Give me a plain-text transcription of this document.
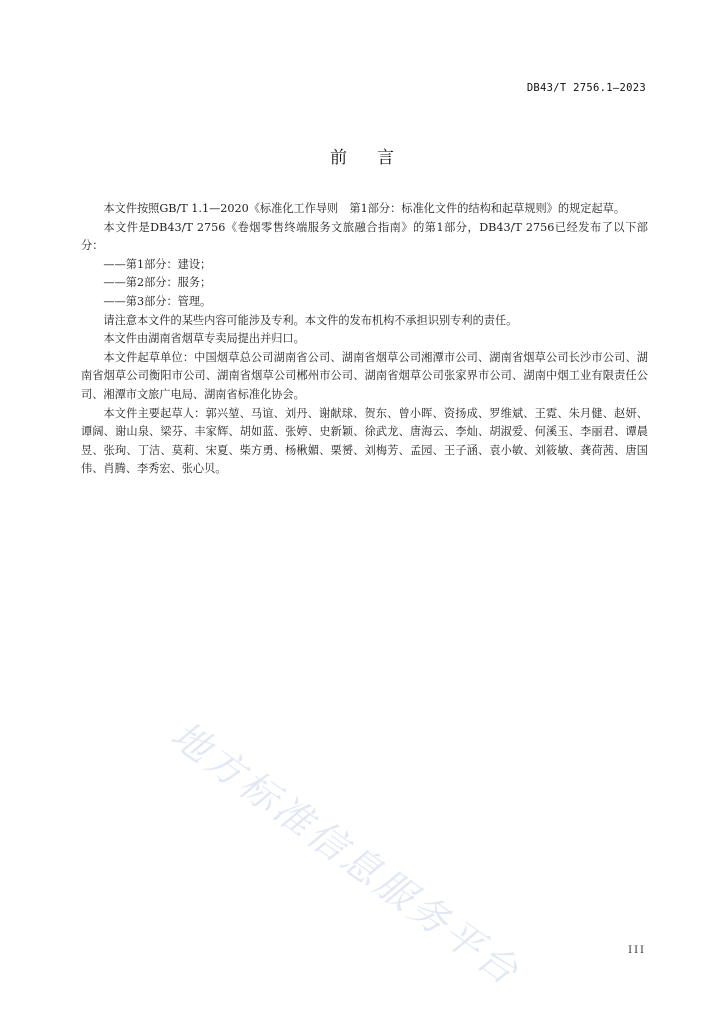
DB43/T 2756.1—2023
前言

本文件按照GB/T 1.1—2020《标准化工作导则　第1部分：标准化文件的结构和起草规则》的规定起草。

本文件是DB43/T 2756《卷烟零售终端服务文旅融合指南》的第1部分，DB43/T 2756已经发布了以下部分：

——第1部分：建设；

——第2部分：服务；

——第3部分：管理。

请注意本文件的某些内容可能涉及专利。本文件的发布机构不承担识别专利的责任。

本文件由湖南省烟草专卖局提出并归口。

本文件起草单位：中国烟草总公司湖南省公司、湖南省烟草公司湘潭市公司、湖南省烟草公司长沙市公司、湖南省烟草公司衡阳市公司、湖南省烟草公司郴州市公司、湖南省烟草公司张家界市公司、湖南中烟工业有限责任公司、湘潭市文旅广电局、湖南省标准化协会。

本文件主要起草人：郭兴堃、马谊、刘丹、谢献球、贺东、曾小晖、资扬成、罗维斌、王霓、朱月健、赵妍、谭阔、谢山泉、梁芬、丰家辉、胡如蓝、张婷、史新颖、徐武龙、唐海云、李灿、胡淑爱、何溪玉、李丽君、谭晨昱、张珣、丁洁、莫莉、宋夏、柴方勇、杨楸媚、栗赟、刘梅芳、孟园、王子涵、袁小敏、刘筱敏、龚荷茜、唐国伟、肖腾、李秀宏、张心贝。

地方标准信息服务平台	III
